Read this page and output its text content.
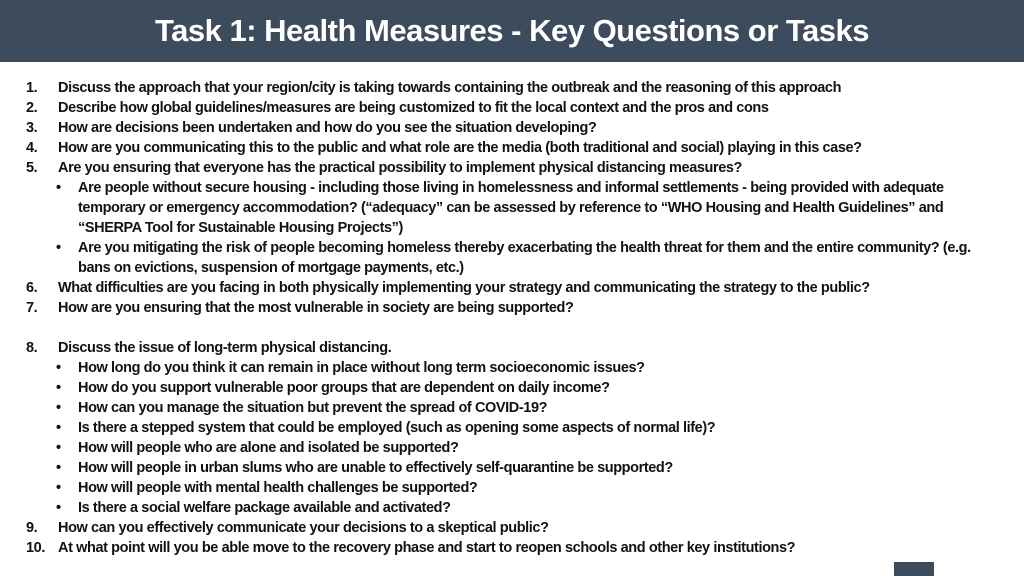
Task 1: Health Measures - Key Questions or Tasks
1.	Discuss the approach that your region/city is taking towards containing the outbreak and the reasoning of this approach
2.	Describe how global guidelines/measures are being customized to fit the local context and the pros and cons
3.	How are decisions been undertaken and how do you see the situation developing?
4.	How are you communicating this to the public and what role are the media (both traditional and social) playing in this case?
5.	Are you ensuring that everyone has the practical possibility to implement physical distancing measures?
•	Are people without secure housing - including those living in homelessness and informal settlements - being provided with adequate temporary or emergency accommodation? (“adequacy” can be assessed by reference to “WHO Housing and Health Guidelines” and “SHERPA Tool for Sustainable Housing Projects”)
•	Are you mitigating the risk of people becoming homeless thereby exacerbating the health threat for them and the entire community? (e.g. bans on evictions, suspension of mortgage payments, etc.)
6.	What difficulties are you facing in both physically implementing your strategy and communicating the strategy to the public?
7.	How are you ensuring that the most vulnerable in society are being supported?
8.	Discuss the issue of long-term physical distancing.
•	How long do you think it can remain in place without long term socioeconomic issues?
•	How do you support vulnerable poor groups that are dependent on daily income?
•	How can you manage the situation but prevent the spread of COVID-19?
•	Is there a stepped system that could be employed (such as opening some aspects of normal life)?
•	How will people who are alone and isolated be supported?
•	How will people in urban slums who are unable to effectively self-quarantine be supported?
•	How will people with mental health challenges be supported?
•	Is there a social welfare package available and activated?
9.	How can you effectively communicate your decisions to a skeptical public?
10. At what point will you be able move to the recovery phase and start to reopen schools and other key institutions?
